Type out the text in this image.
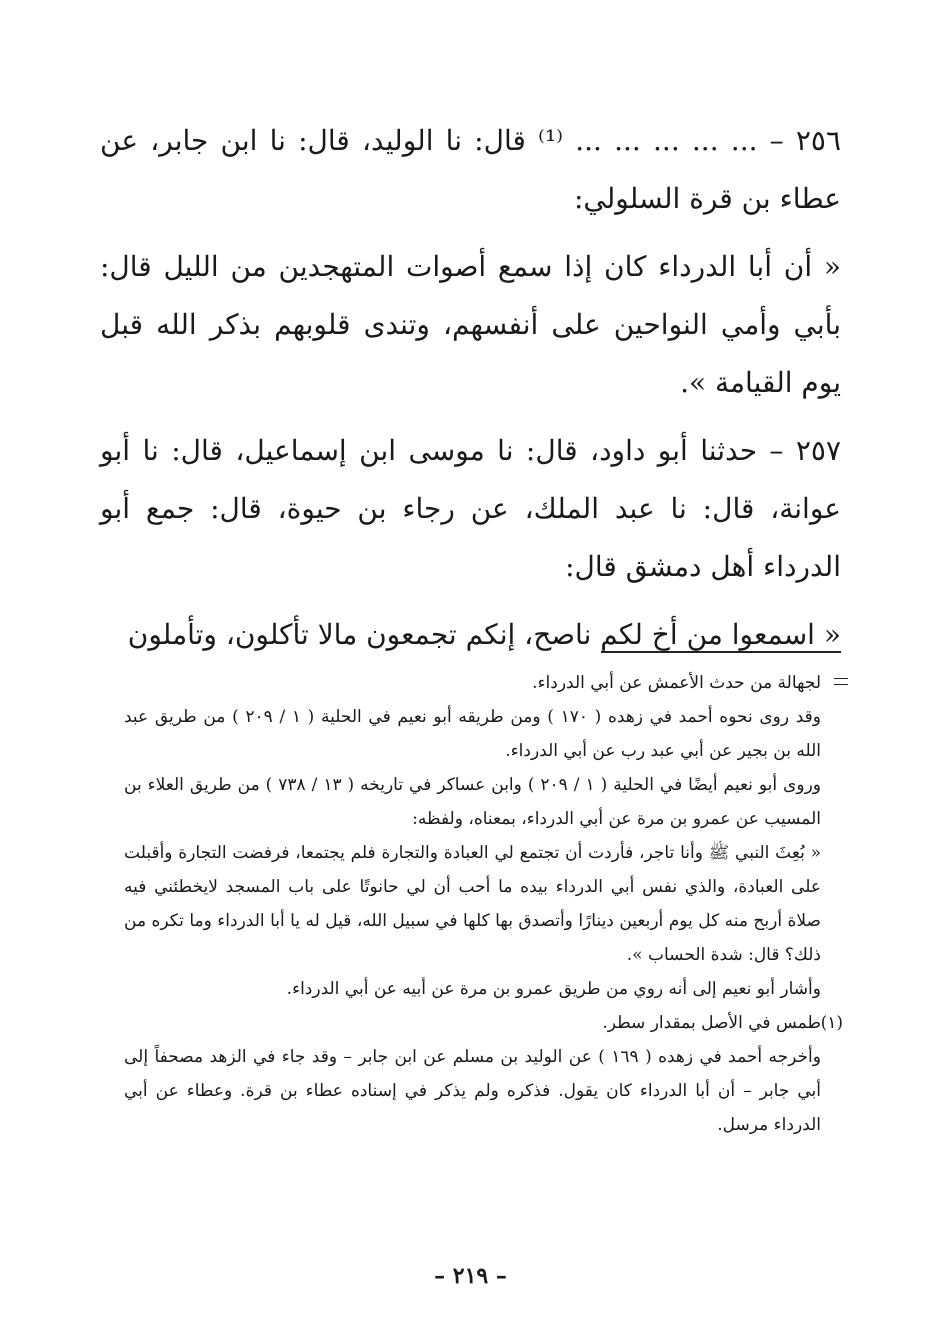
٢٥٦ – ... ... ... ... ... ⁽¹⁾ قال: نا الوليد، قال: نا ابن جابر، عن عطاء بن قرة السلولي:

« أن أبا الدرداء كان إذا سمع أصوات المتهجدين من الليل قال: بأبي وأمي النواحين على أنفسهم، وتندى قلوبهم بذكر الله قبل يوم القيامة ».

٢٥٧ – حدثنا أبو داود، قال: نا موسى ابن إسماعيل، قال: نا أبو عوانة، قال: نا عبد الملك، عن رجاء بن حيوة، قال: جمع أبو الدرداء أهل دمشق قال:

« اسمعوا من أخ لكم ناصح، إنكم تجمعون مالا تأكلون، وتأملون

لجهالة من حدث الأعمش عن أبي الدرداء.

وقد روى نحوه أحمد في زهده ( ١٧٠ ) ومن طريقه أبو نعيم في الحلية ( ١ / ٢٠٩ ) من طريق عبد الله بن بجير عن أبي عبد رب عن أبي الدرداء.

وروى أبو نعيم أيضًا في الحلية ( ١ / ٢٠٩ ) وابن عساكر في تاريخه ( ١٣ / ٧٣٨ ) من طريق العلاء بن المسيب عن عمرو بن مرة عن أبي الدرداء، بمعناه، ولفظه:

« بُعِثَ النبي ﷺ وأنا تاجر، فأردت أن تجتمع لي العبادة والتجارة فلم يجتمعا، فرفضت التجارة وأقبلت على العبادة، والذي نفس أبي الدرداء بيده ما أحب أن لي حانوتًا على باب المسجد لايخطئني فيه صلاة أربح منه كل يوم أربعين دينارًا وأتصدق بها كلها في سبيل الله، قيل له يا أبا الدرداء وما تكره من ذلك؟ قال: شدة الحساب ».

وأشار أبو نعيم إلى أنه روي من طريق عمرو بن مرة عن أبيه عن أبي الدرداء.

(١)

طمس في الأصل بمقدار سطر.

وأخرجه أحمد في زهده ( ١٦٩ ) عن الوليد بن مسلم عن ابن جابر – وقد جاء في الزهد مصحفاً إلى أبي جابر – أن أبا الدرداء كان يقول. فذكره ولم يذكر في إسناده عطاء بن قرة. وعطاء عن أبي الدرداء مرسل.

– ٢١٩ –
